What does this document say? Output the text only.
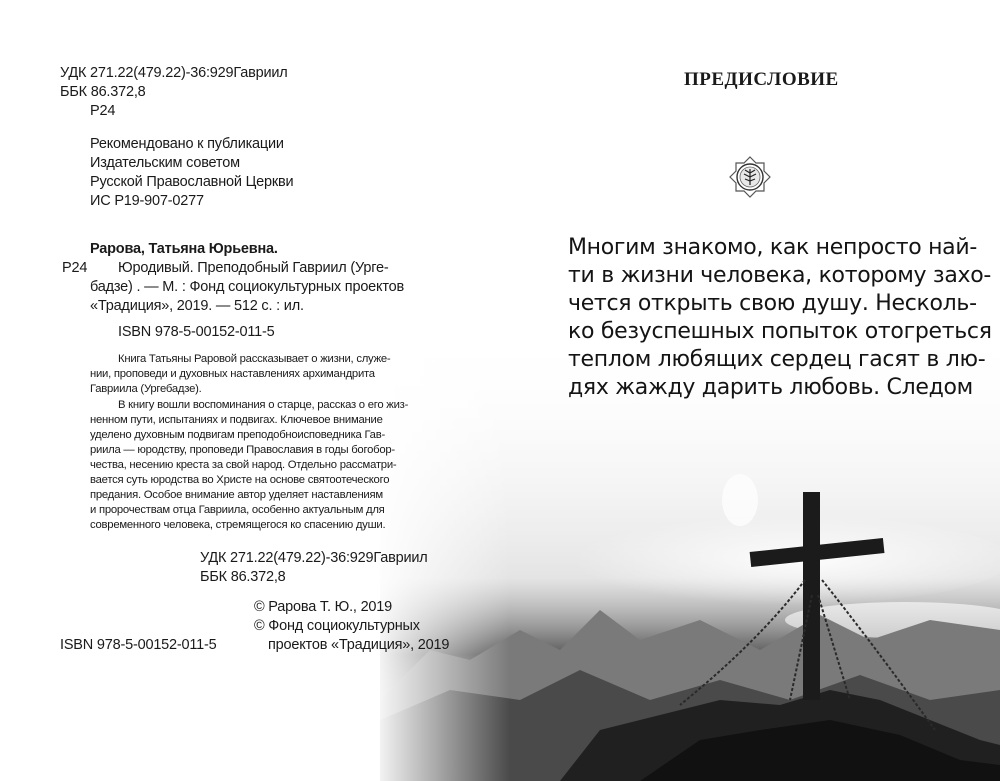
УДК 271.22(479.22)-36:929Гавриил
ББК 86.372,8
Р24
Рекомендовано к публикации
Издательским советом
Русской Православной Церкви
ИС Р19-907-0277
Рарова, Татьяна Юрьевна.
Р24 Юродивый. Преподобный Гавриил (Урге-
бадзе) . — М. : Фонд социокультурных проектов
«Традиция», 2019. — 512 с. : ил.
ISBN 978-5-00152-011-5
Книга Татьяны Раровой рассказывает о жизни, служе-
нии, проповеди и духовных наставлениях архимандрита
Гавриила (Ургебадзе).
В книгу вошли воспоминания о старце, рассказ о его жиз-
ненном пути, испытаниях и подвигах. Ключевое внимание
уделено духовным подвигам преподобноисповедника Гав-
риила — юродству, проповеди Православия в годы богобор-
чества, несению креста за свой народ. Отдельно рассматри-
вается суть юродства во Христе на основе святоотеческого
предания. Особое внимание автор уделяет наставлениям
и пророчествам отца Гавриила, особенно актуальным для
современного человека, стремящегося ко спасению души.
УДК 271.22(479.22)-36:929Гавриил
ББК 86.372,8
© Рарова Т. Ю., 2019
© Фонд социокультурных
проектов «Традиция», 2019
ISBN 978-5-00152-011-5
ПРЕДИСЛОВИЕ
Многим знакомо, как непросто най-
ти в жизни человека, которому захо-
чется открыть свою душу. Несколь-
ко безуспешных попыток отогреться
теплом любящих сердец гасят в лю-
дях жажду дарить любовь. Следом
